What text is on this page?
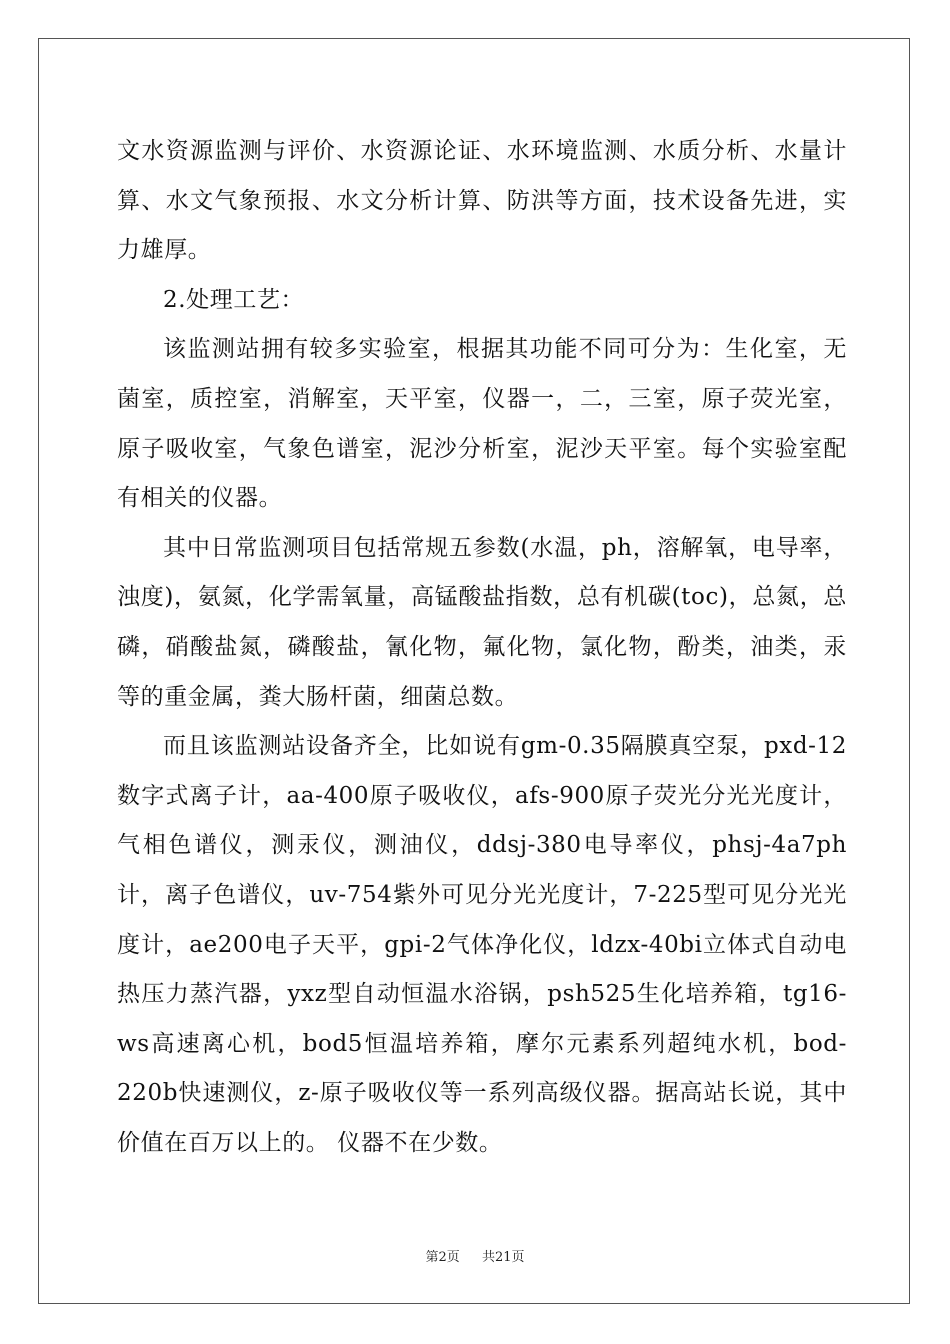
文水资源监测与评价、水资源论证、水环境监测、水质分析、水量计算、水文气象预报、水文分析计算、防洪等方面，技术设备先进，实力雄厚。

2.处理工艺：

该监测站拥有较多实验室，根据其功能不同可分为：生化室，无菌室，质控室，消解室，天平室，仪器一，二，三室，原子荧光室，原子吸收室，气象色谱室，泥沙分析室，泥沙天平室。每个实验室配有相关的仪器。

其中日常监测项目包括常规五参数(水温，ph，溶解氧，电导率，浊度)，氨氮，化学需氧量，高锰酸盐指数，总有机碳(toc)，总氮，总磷，硝酸盐氮，磷酸盐，氰化物，氟化物，氯化物，酚类，油类，汞等的重金属，粪大肠杆菌，细菌总数。

而且该监测站设备齐全，比如说有gm-0.35隔膜真空泵，pxd-12数字式离子计，aa-400原子吸收仪，afs-900原子荧光分光光度计，气相色谱仪，测汞仪，测油仪，ddsj-380电导率仪，phsj-4a7ph计，离子色谱仪，uv-754紫外可见分光光度计，7-225型可见分光光度计，ae200电子天平，gpi-2气体净化仪，ldzx-40bi立体式自动电热压力蒸汽器，yxz型自动恒温水浴锅，psh525生化培养箱，tg16-ws高速离心机，bod5恒温培养箱，摩尔元素系列超纯水机，bod-220b快速测仪，z-原子吸收仪等一系列高级仪器。据高站长说，其中价值在百万以上的。 仪器不在少数。

第2页 共21页
